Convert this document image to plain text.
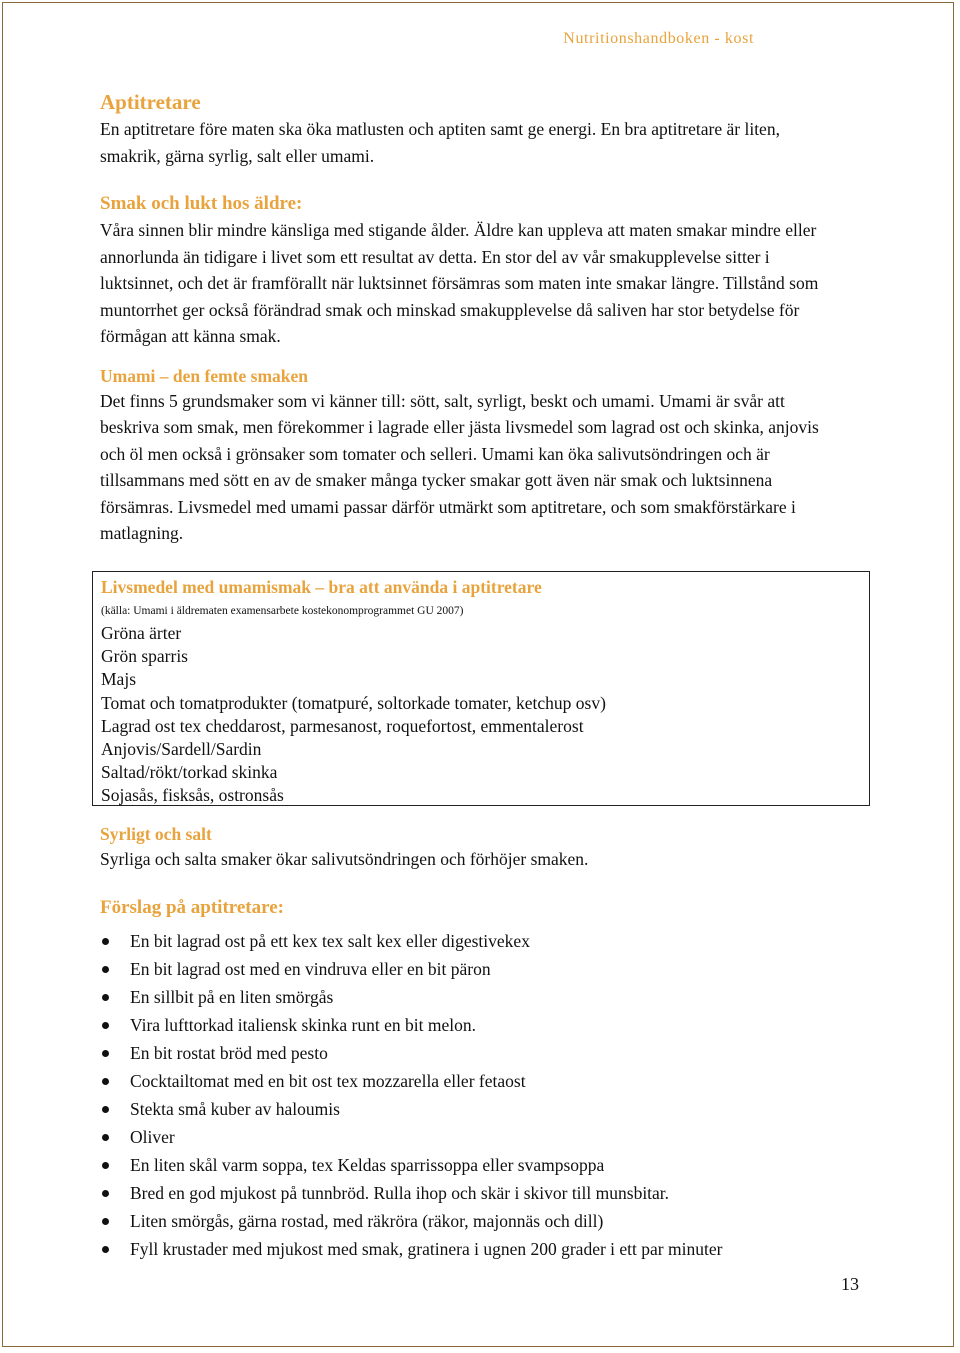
Nutritionshandboken - kost
Aptitretare

En aptitretare före maten ska öka matlusten och aptiten samt ge energi. En bra aptitretare är liten, smakrik, gärna syrlig, salt eller umami.

Smak och lukt hos äldre:

Våra sinnen blir mindre känsliga med stigande ålder. Äldre kan uppleva att maten smakar mindre eller annorlunda än tidigare i livet som ett resultat av detta. En stor del av vår smakupplevelse sitter i luktsinnet, och det är framförallt när luktsinnet försämras som maten inte smakar längre. Tillstånd som muntorrhet ger också förändrad smak och minskad smakupplevelse då saliven har stor betydelse för förmågan att känna smak.

Umami – den femte smaken

Det finns 5 grundsmaker som vi känner till: sött, salt, syrligt, beskt och umami. Umami är svår att beskriva som smak, men förekommer i lagrade eller jästa livsmedel som lagrad ost och skinka, anjovis och öl men också i grönsaker som tomater och selleri. Umami kan öka salivutsöndringen och är tillsammans med sött en av de smaker många tycker smakar gott även när smak och luktsinnena försämras. Livsmedel med umami passar därför utmärkt som aptitretare, och som smakförstärkare i matlagning.

Livsmedel med umamismak – bra att använda i aptitretare
(källa: Umami i äldrematen examensarbete kostekonomprogrammet GU 2007)
Gröna ärter
Grön sparris
Majs
Tomat och tomatprodukter (tomatpuré, soltorkade tomater, ketchup osv)
Lagrad ost tex cheddarost, parmesanost, roquefortost, emmentalerost
Anjovis/Sardell/Sardin
Saltad/rökt/torkad skinka
Sojasås, fisksås, ostronsås
Syrligt och salt

Syrliga och salta smaker ökar salivutsöndringen och förhöjer smaken.

Förslag på aptitretare:
En bit lagrad ost på ett kex tex salt kex eller digestivekex
En bit lagrad ost med en vindruva eller en bit päron
En sillbit på en liten smörgås
Vira lufttorkad italiensk skinka runt en bit melon.
En bit rostat bröd med pesto
Cocktailtomat med en bit ost tex mozzarella eller fetaost
Stekta små kuber av haloumis
Oliver
En liten skål varm soppa, tex Keldas sparrissoppa eller svampsoppa
Bred en god mjukost på tunnbröd. Rulla ihop och skär i skivor till munsbitar.
Liten smörgås, gärna rostad, med räkröra (räkor, majonnäs och dill)
Fyll krustader med mjukost med smak, gratinera i ugnen 200 grader i ett par minuter
13
